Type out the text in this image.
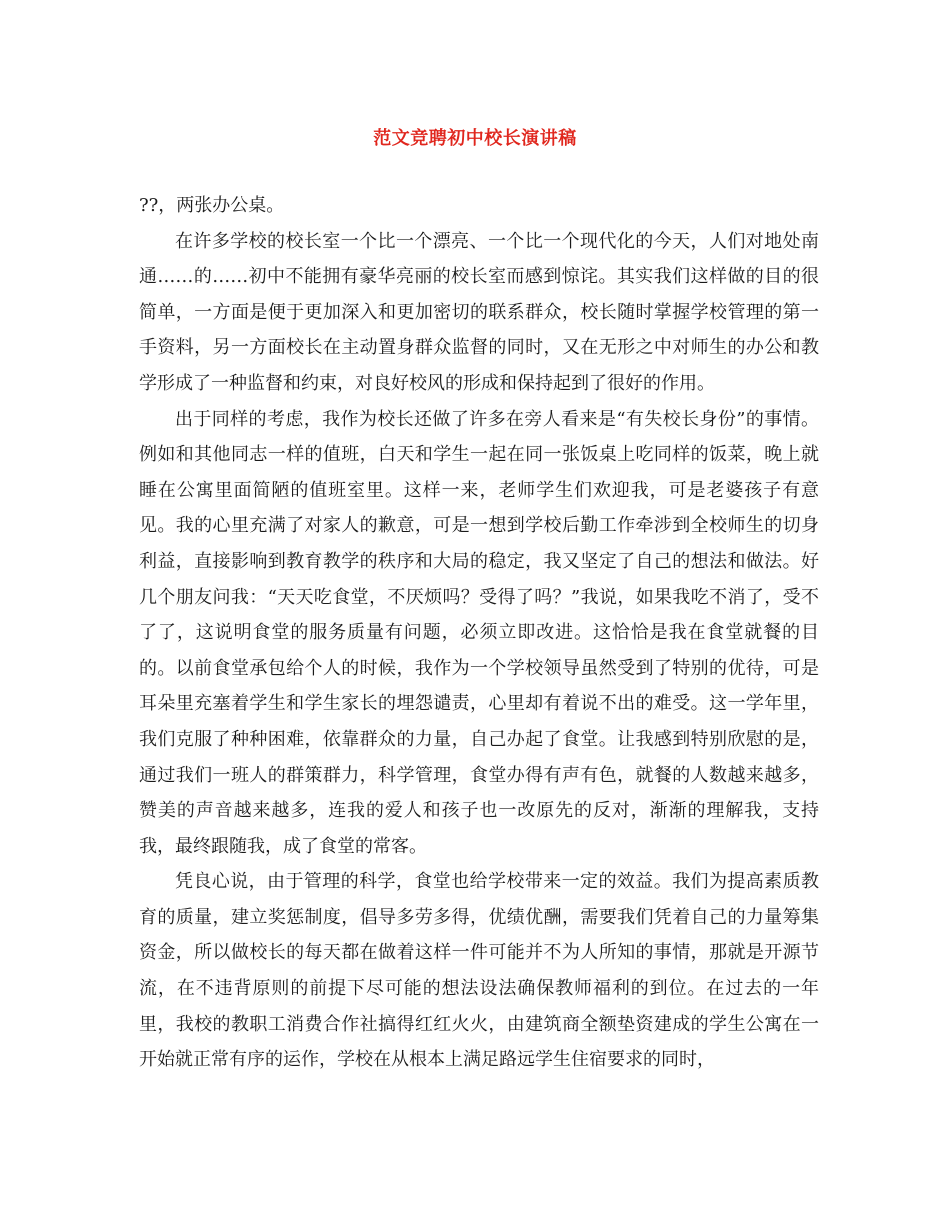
范文竞聘初中校长演讲稿

??，两张办公桌。

在许多学校的校长室一个比一个漂亮、一个比一个现代化的今天，人们对地处南通……的……初中不能拥有豪华亮丽的校长室而感到惊诧。其实我们这样做的目的很简单，一方面是便于更加深入和更加密切的联系群众，校长随时掌握学校管理的第一手资料，另一方面校长在主动置身群众监督的同时，又在无形之中对师生的办公和教学形成了一种监督和约束，对良好校风的形成和保持起到了很好的作用。

出于同样的考虑，我作为校长还做了许多在旁人看来是“有失校长身份”的事情。例如和其他同志一样的值班，白天和学生一起在同一张饭桌上吃同样的饭菜，晚上就睡在公寓里面简陋的值班室里。这样一来，老师学生们欢迎我，可是老婆孩子有意见。我的心里充满了对家人的歉意，可是一想到学校后勤工作牵涉到全校师生的切身利益，直接影响到教育教学的秩序和大局的稳定，我又坚定了自己的想法和做法。好几个朋友问我：“天天吃食堂，不厌烦吗？受得了吗？”我说，如果我吃不消了，受不了了，这说明食堂的服务质量有问题，必须立即改进。这恰恰是我在食堂就餐的目的。以前食堂承包给个人的时候，我作为一个学校领导虽然受到了特别的优待，可是耳朵里充塞着学生和学生家长的埋怨谴责，心里却有着说不出的难受。这一学年里，我们克服了种种困难，依靠群众的力量，自己办起了食堂。让我感到特别欣慰的是，通过我们一班人的群策群力，科学管理，食堂办得有声有色，就餐的人数越来越多，赞美的声音越来越多，连我的爱人和孩子也一改原先的反对，渐渐的理解我，支持我，最终跟随我，成了食堂的常客。

凭良心说，由于管理的科学，食堂也给学校带来一定的效益。我们为提高素质教育的质量，建立奖惩制度，倡导多劳多得，优绩优酬，需要我们凭着自己的力量筹集资金，所以做校长的每天都在做着这样一件可能并不为人所知的事情，那就是开源节流，在不违背原则的前提下尽可能的想法设法确保教师福利的到位。在过去的一年里，我校的教职工消费合作社搞得红红火火，由建筑商全额垫资建成的学生公寓在一开始就正常有序的运作，学校在从根本上满足路远学生住宿要求的同时，
